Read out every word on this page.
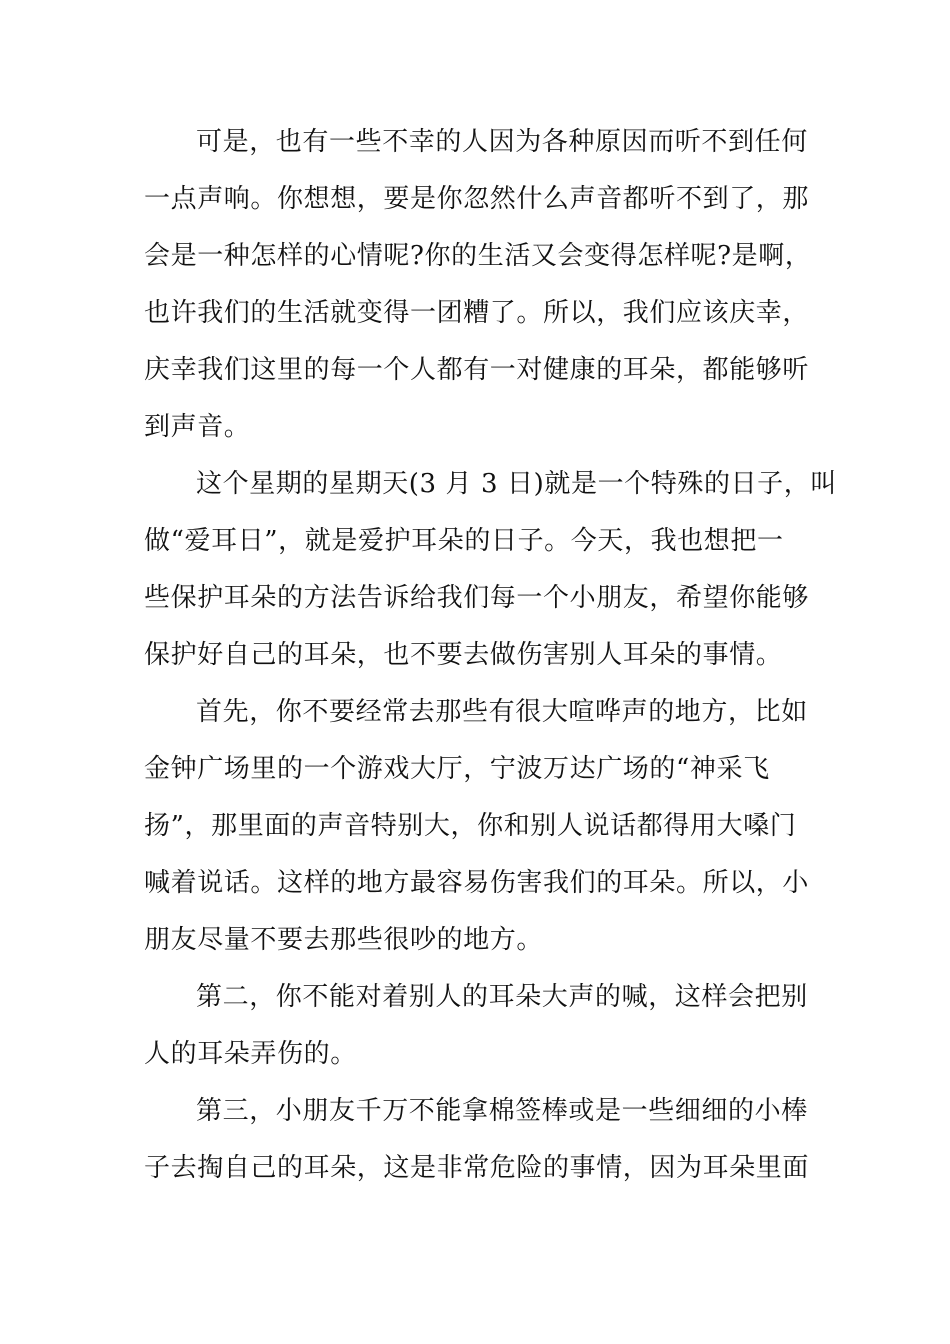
可是，也有一些不幸的人因为各种原因而听不到任何
一点声响。你想想，要是你忽然什么声音都听不到了，那
会是一种怎样的心情呢?你的生活又会变得怎样呢?是啊，
也许我们的生活就变得一团糟了。所以，我们应该庆幸，
庆幸我们这里的每一个人都有一对健康的耳朵，都能够听
到声音。
这个星期的星期天(3 月 3 日)就是一个特殊的日子，叫
做“爱耳日”，就是爱护耳朵的日子。今天，我也想把一
些保护耳朵的方法告诉给我们每一个小朋友，希望你能够
保护好自己的耳朵，也不要去做伤害别人耳朵的事情。
首先，你不要经常去那些有很大喧哗声的地方，比如
金钟广场里的一个游戏大厅，宁波万达广场的“神采飞
扬”，那里面的声音特别大，你和别人说话都得用大嗓门
喊着说话。这样的地方最容易伤害我们的耳朵。所以，小
朋友尽量不要去那些很吵的地方。
第二，你不能对着别人的耳朵大声的喊，这样会把别
人的耳朵弄伤的。
第三，小朋友千万不能拿棉签棒或是一些细细的小棒
子去掏自己的耳朵，这是非常危险的事情，因为耳朵里面
